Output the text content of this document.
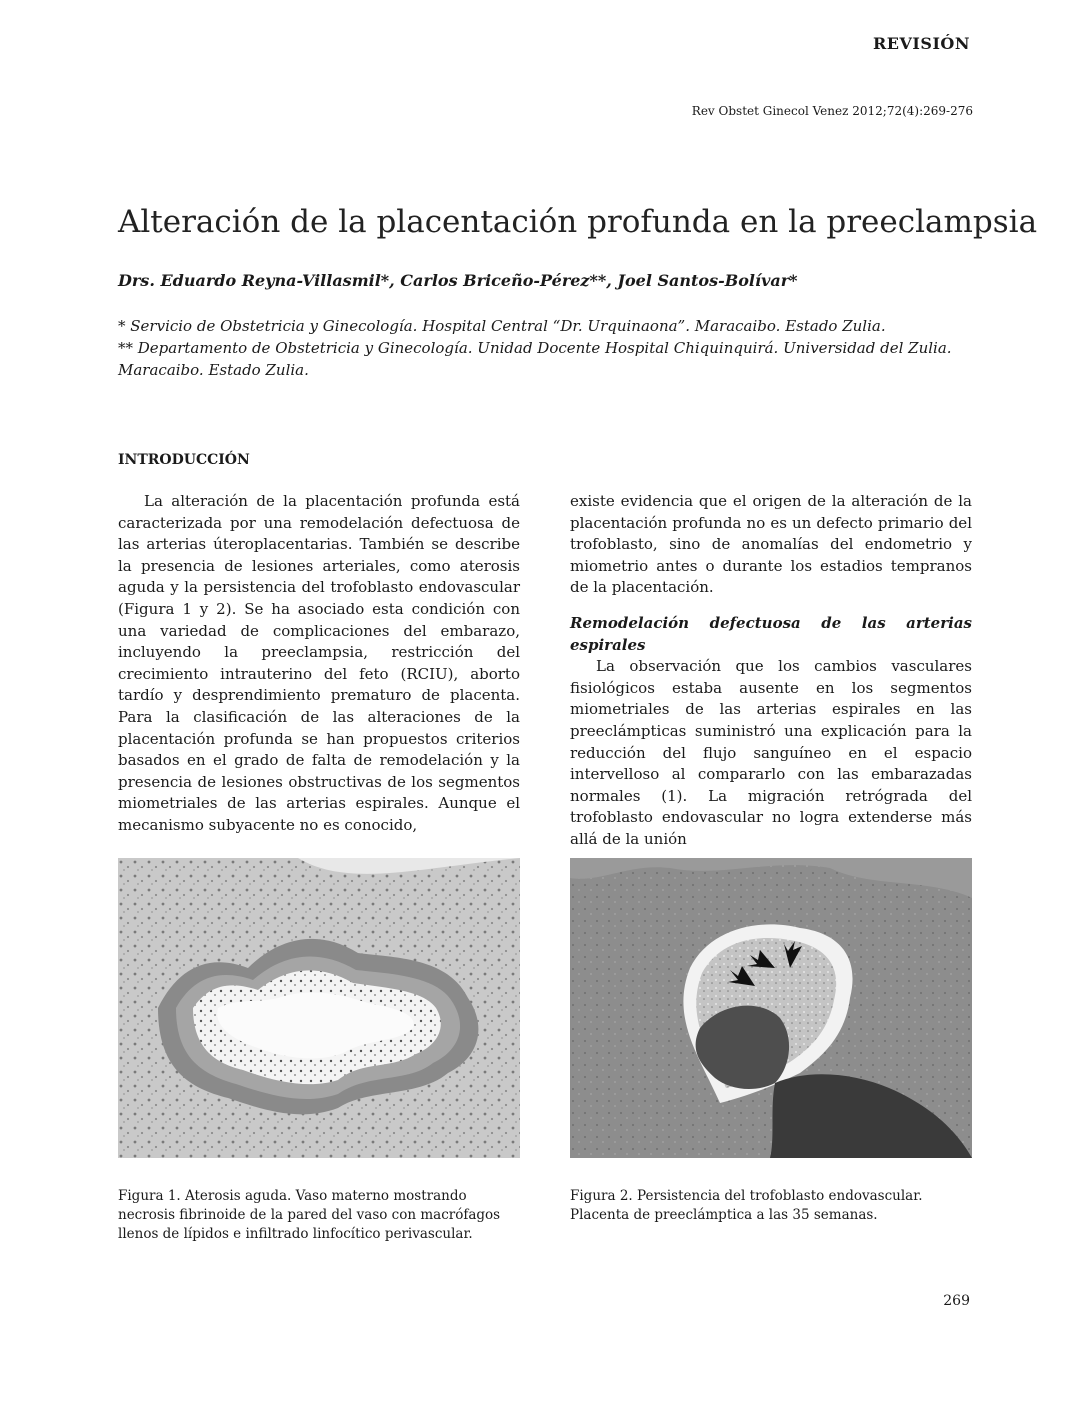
REVISIÓN
Rev Obstet Ginecol Venez 2012;72(4):269-276
Alteración de la placentación profunda en la preeclampsia
Drs. Eduardo Reyna-Villasmil*, Carlos Briceño-Pérez**, Joel Santos-Bolívar*
* Servicio de Obstetricia y Ginecología. Hospital Central “Dr. Urquinaona”. Maracaibo. Estado Zulia.
** Departamento de Obstetricia y Ginecología. Unidad Docente Hospital Chiquinquirá. Universidad del Zulia. Maracaibo. Estado Zulia.
INTRODUCCIÓN

La alteración de la placentación profunda está caracterizada por una remodelación defectuosa de las arterias úteroplacentarias. También se describe la presencia de lesiones arteriales, como aterosis aguda y la persistencia del trofoblasto endovascular (Figura 1 y 2). Se ha asociado esta condición con una variedad de complicaciones del embarazo, incluyendo la preeclampsia, restricción del crecimiento intrauterino del feto (RCIU), aborto tardío y desprendimiento prematuro de placenta. Para la clasificación de las alteraciones de la placentación profunda se han propuestos criterios basados en el grado de falta de remodelación y la presencia de lesiones obstructivas de los segmentos miometriales de las arterias espirales. Aunque el mecanismo subyacente no es conocido,

existe evidencia que el origen de la alteración de la placentación profunda no es un defecto primario del trofoblasto, sino de anomalías del endometrio y miometrio antes o durante los estadios tempranos de la placentación.

Remodelación defectuosa de las arterias espirales

La observación que los cambios vasculares fisiológicos estaba ausente en los segmentos miometriales de las arterias espirales en las preeclámpticas suministró una explicación para la reducción del flujo sanguíneo en el espacio intervelloso al compararlo con las embarazadas normales (1). La migración retrógrada del trofoblasto endovascular no logra extenderse más allá de la unión

Figura 1. Aterosis aguda. Vaso materno mostrando necrosis fibrinoide de la pared del vaso con macrófagos llenos de lípidos e infiltrado linfocítico perivascular.
Figura 2. Persistencia del trofoblasto endovascular. Placenta de preeclámptica a las 35 semanas.
269
